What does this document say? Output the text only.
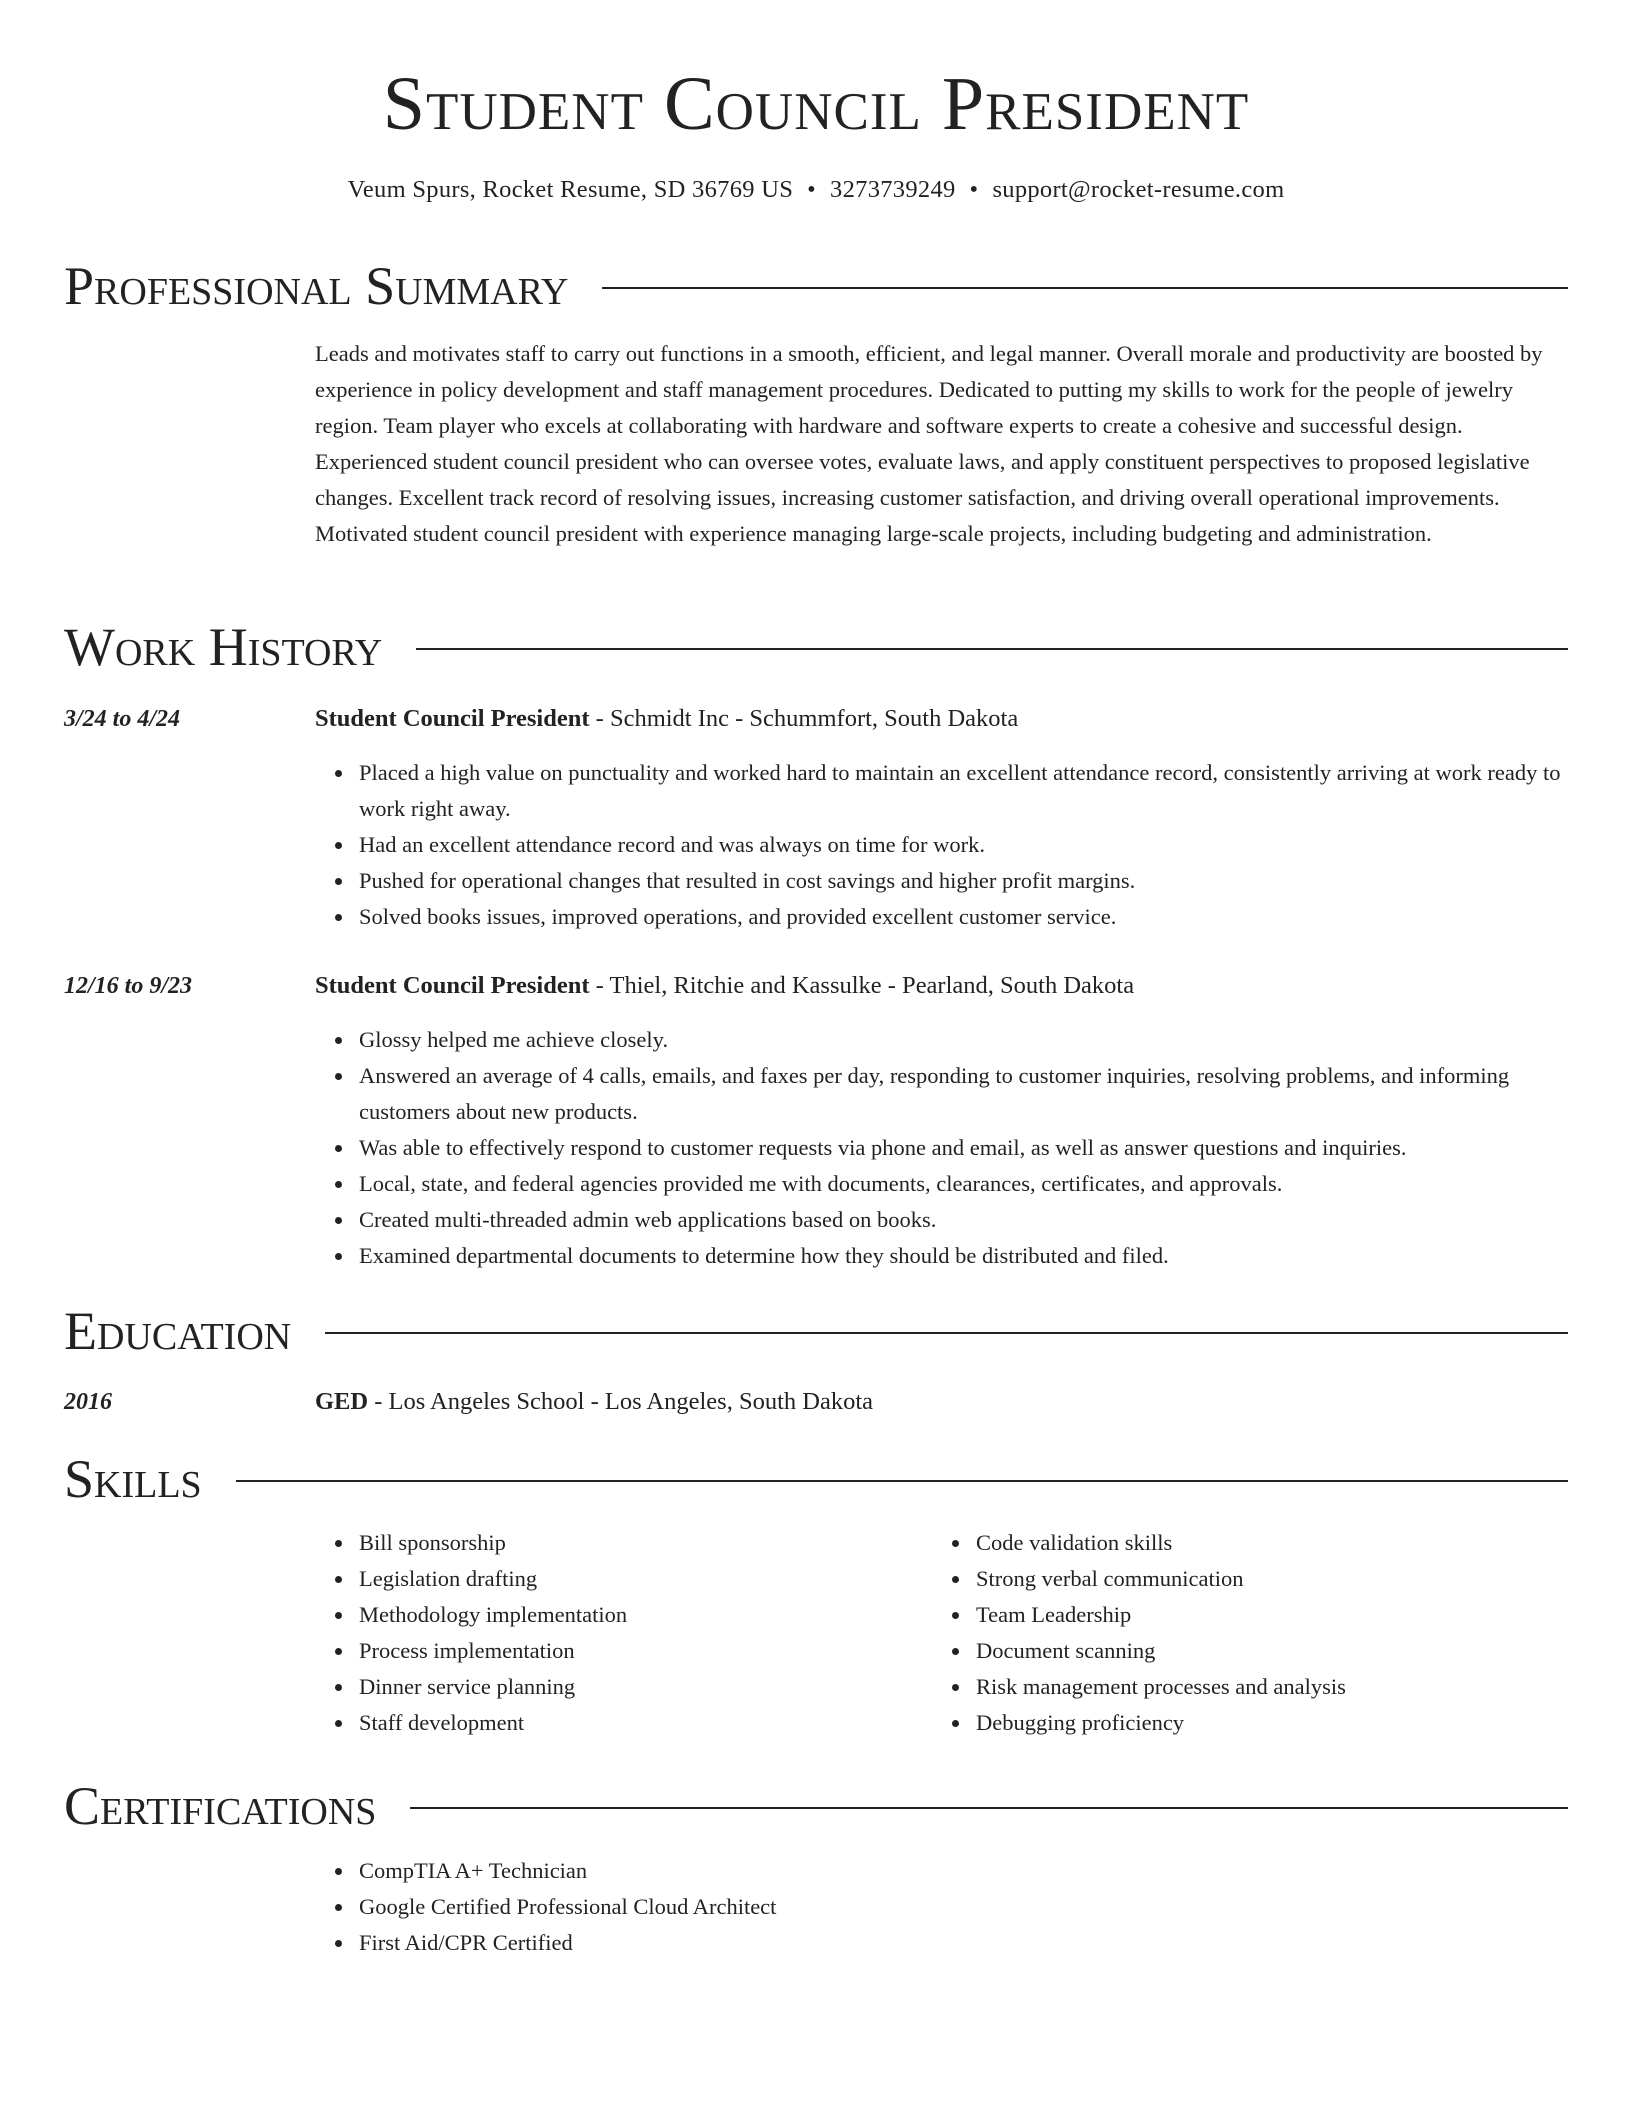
Student Council President
Veum Spurs, Rocket Resume, SD 36769 US • 3273739249 • support@rocket-resume.com
Professional Summary

Leads and motivates staff to carry out functions in a smooth, efficient, and legal manner. Overall morale and productivity are boosted by experience in policy development and staff management procedures. Dedicated to putting my skills to work for the people of jewelry region. Team player who excels at collaborating with hardware and software experts to create a cohesive and successful design. Experienced student council president who can oversee votes, evaluate laws, and apply constituent perspectives to proposed legislative changes. Excellent track record of resolving issues, increasing customer satisfaction, and driving overall operational improvements. Motivated student council president with experience managing large-scale projects, including budgeting and administration.

Work History
3/24 to 4/24	Student Council President - Schmidt Inc - Schummfort, South Dakota

Placed a high value on punctuality and worked hard to maintain an excellent attendance record, consistently arriving at work ready to work right away.
Had an excellent attendance record and was always on time for work.
Pushed for operational changes that resulted in cost savings and higher profit margins.
Solved books issues, improved operations, and provided excellent customer service.
12/16 to 9/23	Student Council President - Thiel, Ritchie and Kassulke - Pearland, South Dakota

Glossy helped me achieve closely.
Answered an average of 4 calls, emails, and faxes per day, responding to customer inquiries, resolving problems, and informing customers about new products.
Was able to effectively respond to customer requests via phone and email, as well as answer questions and inquiries.
Local, state, and federal agencies provided me with documents, clearances, certificates, and approvals.
Created multi-threaded admin web applications based on books.
Examined departmental documents to determine how they should be distributed and filed.
Education
2016	GED - Los Angeles School - Los Angeles, South Dakota

Skills
Bill sponsorship
Legislation drafting
Methodology implementation
Process implementation
Dinner service planning
Staff development
Code validation skills
Strong verbal communication
Team Leadership
Document scanning
Risk management processes and analysis
Debugging proficiency
Certifications
CompTIA A+ Technician
Google Certified Professional Cloud Architect
First Aid/CPR Certified
